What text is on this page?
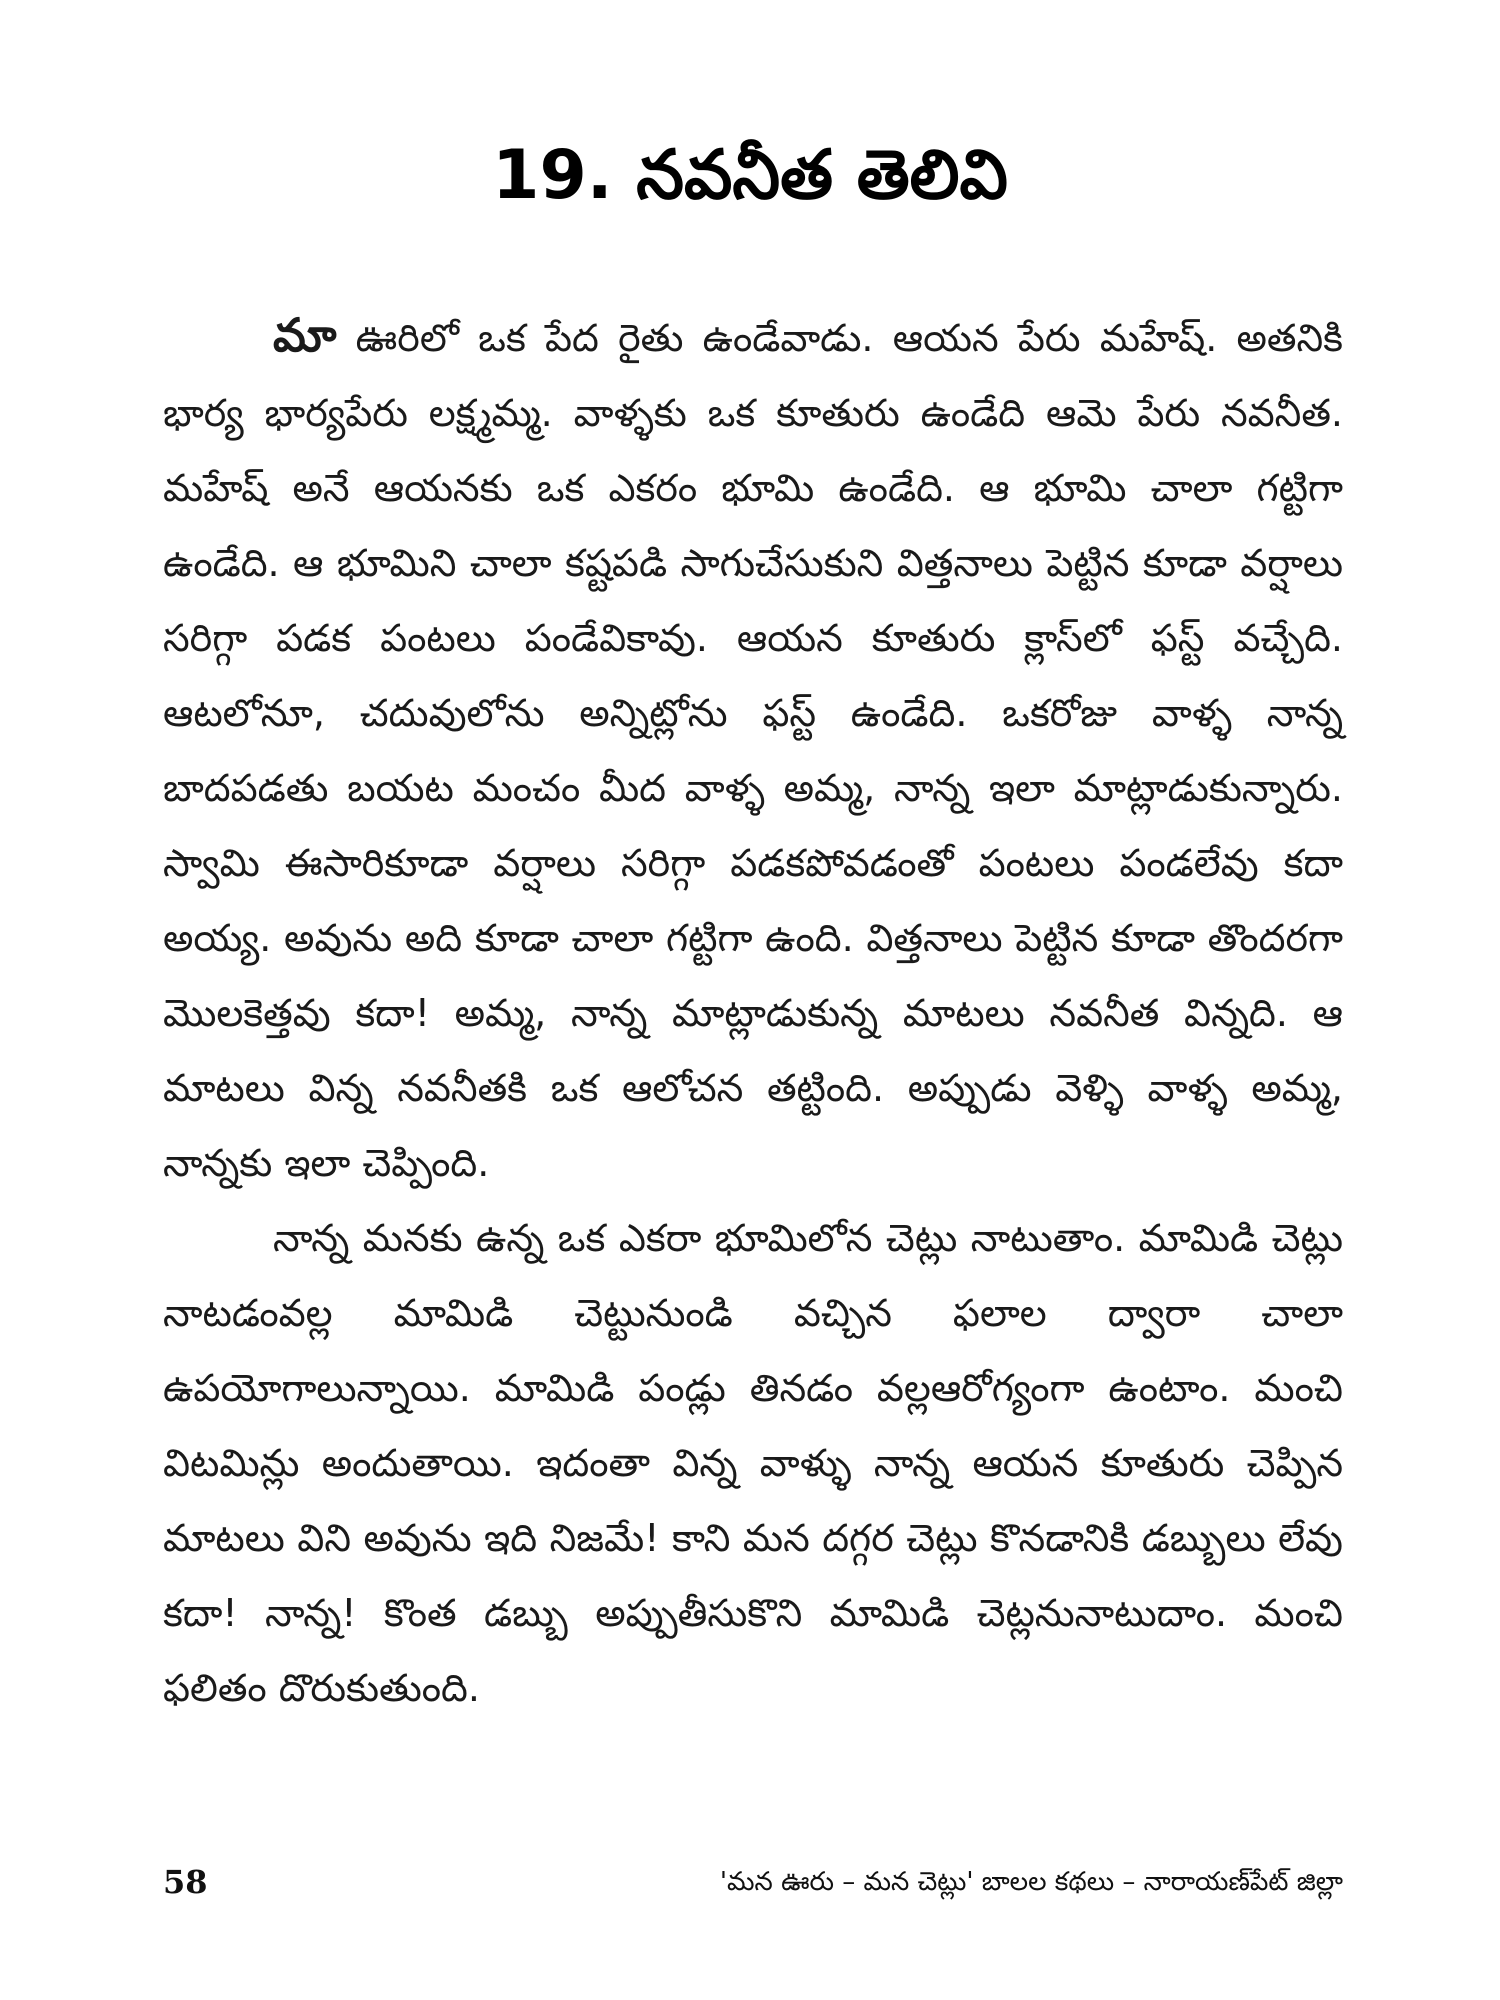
19. నవనీత తెలివి

మా ఊరిలో ఒక పేద రైతు ఉండేవాడు. ఆయన పేరు మహేష్. అతనికి భార్య భార్యపేరు లక్ష్మమ్మ. వాళ్ళకు ఒక కూతురు ఉండేది ఆమె పేరు నవనీత. మహేష్ అనే ఆయనకు ఒక ఎకరం భూమి ఉండేది. ఆ భూమి చాలా గట్టిగా ఉండేది. ఆ భూమిని చాలా కష్టపడి సాగుచేసుకుని విత్తనాలు పెట్టిన కూడా వర్షాలు సరిగ్గా పడక పంటలు పండేవికావు. ఆయన కూతురు క్లాస్‌లో ఫస్ట్ వచ్చేది. ఆటలోనూ, చదువులోను అన్నిట్లోను ఫస్ట్ ఉండేది. ఒకరోజు వాళ్ళ నాన్న బాదపడతు బయట మంచం మీద వాళ్ళ అమ్మ, నాన్న ఇలా మాట్లాడుకున్నారు. స్వామి ఈసారికూడా వర్షాలు సరిగ్గా పడకపోవడంతో పంటలు పండలేవు కదా అయ్య. అవును అది కూడా చాలా గట్టిగా ఉంది. విత్తనాలు పెట్టిన కూడా తొందరగా మొలకెత్తవు కదా! అమ్మ, నాన్న మాట్లాడుకున్న మాటలు నవనీత విన్నది. ఆ మాటలు విన్న నవనీతకి ఒక ఆలోచన తట్టింది. అప్పుడు వెళ్ళి వాళ్ళ అమ్మ, నాన్నకు ఇలా చెప్పింది.

నాన్న మనకు ఉన్న ఒక ఎకరా భూమిలోన చెట్లు నాటుతాం. మామిడి చెట్లు నాటడంవల్ల మామిడి చెట్టునుండి వచ్చిన ఫలాల ద్వారా చాలా ఉపయోగాలున్నాయి. మామిడి పండ్లు తినడం వల్లఆరోగ్యంగా ఉంటాం. మంచి విటమిన్లు అందుతాయి. ఇదంతా విన్న వాళ్ళు నాన్న ఆయన కూతురు చెప్పిన మాటలు విని అవును ఇది నిజమే! కాని మన దగ్గర చెట్లు కొనడానికి డబ్బులు లేవు కదా! నాన్న! కొంత డబ్బు అప్పుతీసుకొని మామిడి చెట్లనునాటుదాం. మంచి ఫలితం దొరుకుతుంది.

58	'మన ఊరు – మన చెట్లు' బాలల కథలు – నారాయణ్‌పేట్ జిల్లా
